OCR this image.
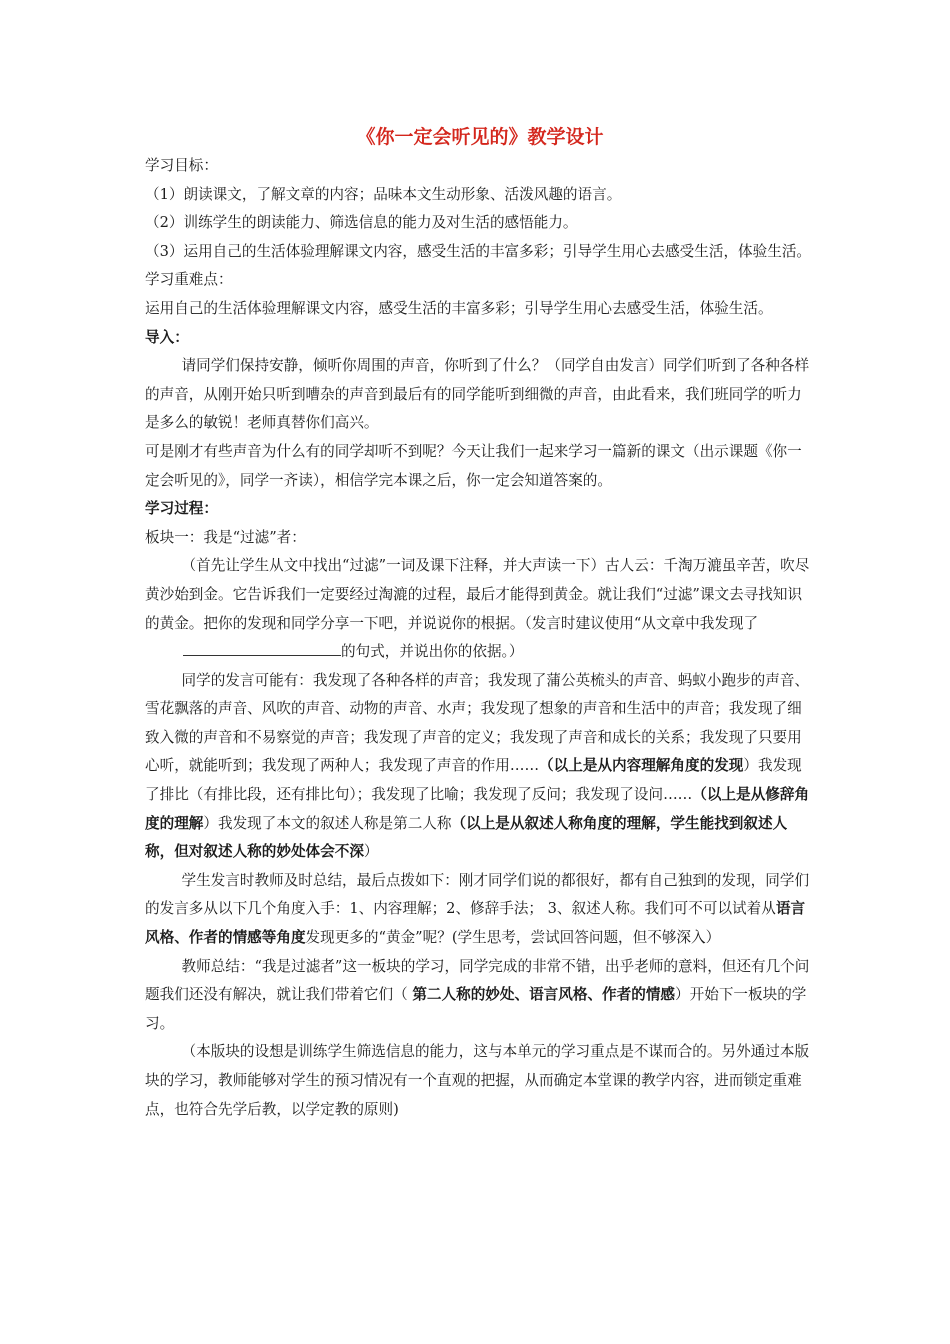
《你一定会听见的》教学设计

学习目标：

（1）朗读课文，了解文章的内容；品味本文生动形象、活泼风趣的语言。

（2）训练学生的朗读能力、筛选信息的能力及对生活的感悟能力。

（3）运用自己的生活体验理解课文内容，感受生活的丰富多彩；引导学生用心去感受生活，体验生活。

学习重难点：

运用自己的生活体验理解课文内容，感受生活的丰富多彩；引导学生用心去感受生活，体验生活。

导入：

请同学们保持安静，倾听你周围的声音，你听到了什么？（同学自由发言）同学们听到了各种各样的声音，从刚开始只听到嘈杂的声音到最后有的同学能听到细微的声音，由此看来，我们班同学的听力是多么的敏锐！老师真替你们高兴。

可是刚才有些声音为什么有的同学却听不到呢？今天让我们一起来学习一篇新的课文（出示课题《你一定会听见的》，同学一齐读），相信学完本课之后，你一定会知道答案的。

学习过程：

板块一：我是“过滤”者：

（首先让学生从文中找出“过滤”一词及课下注释，并大声读一下）古人云：千淘万漉虽辛苦，吹尽黄沙始到金。它告诉我们一定要经过淘漉的过程，最后才能得到黄金。就让我们“过滤”课文去寻找知识的黄金。把你的发现和同学分享一下吧，并说说你的根据。（发言时建议使用“从文章中我发现了

的句式，并说出你的依据。）

同学的发言可能有：我发现了各种各样的声音；我发现了蒲公英梳头的声音、蚂蚁小跑步的声音、雪花飘落的声音、风吹的声音、动物的声音、水声；我发现了想象的声音和生活中的声音；我发现了细致入微的声音和不易察觉的声音；我发现了声音的定义；我发现了声音和成长的关系；我发现了只要用心听，就能听到；我发现了两种人；我发现了声音的作用……（以上是从内容理解角度的发现）我发现了排比（有排比段，还有排比句）；我发现了比喻；我发现了反问；我发现了设问……（以上是从修辞角度的理解）我发现了本文的叙述人称是第二人称（以上是从叙述人称角度的理解，学生能找到叙述人称，但对叙述人称的妙处体会不深）

学生发言时教师及时总结，最后点拨如下：刚才同学们说的都很好，都有自己独到的发现，同学们的发言多从以下几个角度入手：1、内容理解；2、修辞手法； 3、叙述人称。我们可不可以试着从语言风格、作者的情感等角度发现更多的“黄金”呢？(学生思考，尝试回答问题，但不够深入）

教师总结：“我是过滤者”这一板块的学习，同学完成的非常不错，出乎老师的意料，但还有几个问题我们还没有解决，就让我们带着它们（ 第二人称的妙处、语言风格、作者的情感）开始下一板块的学习。

（本版块的设想是训练学生筛选信息的能力，这与本单元的学习重点是不谋而合的。另外通过本版块的学习，教师能够对学生的预习情况有一个直观的把握，从而确定本堂课的教学内容，进而锁定重难点，也符合先学后教，以学定教的原则)
